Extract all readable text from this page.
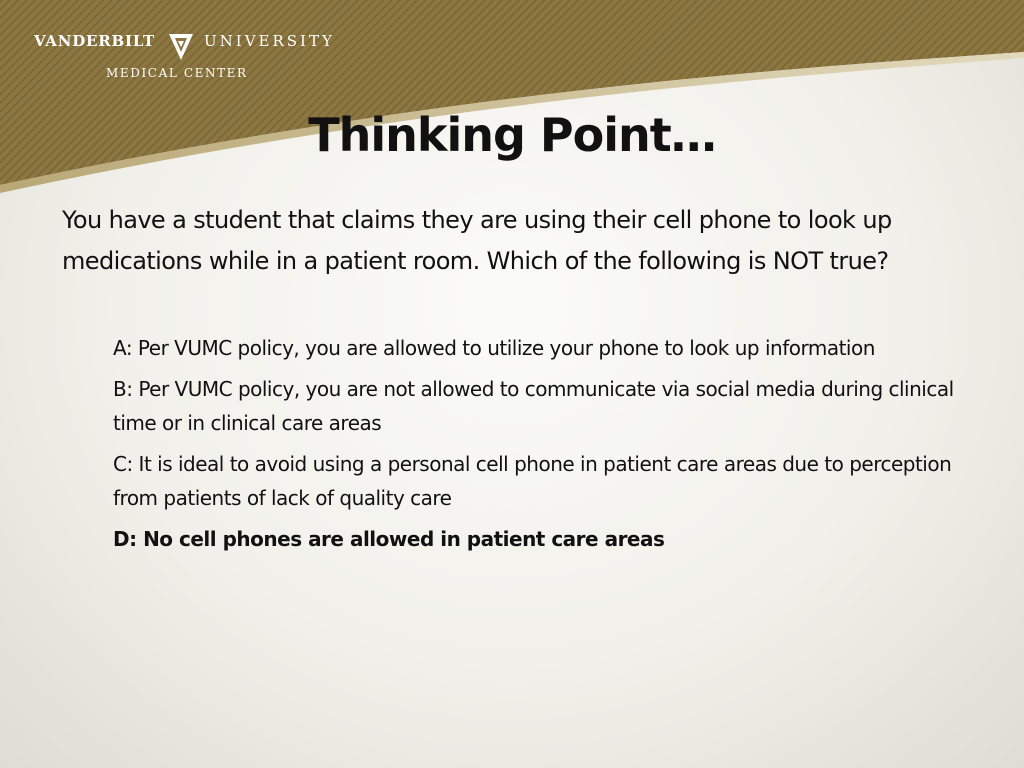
VANDERBILT	UNIVERSITY
MEDICAL CENTER
Thinking Point…

You have a student that claims they are using their cell phone to look up medications while in a patient room. Which of the following is NOT true?

A: Per VUMC policy, you are allowed to utilize your phone to look up information
B: Per VUMC policy, you are not allowed to communicate via social media during clinical time or in clinical care areas
C: It is ideal to avoid using a personal cell phone in patient care areas due to perception from patients of lack of quality care
D: No cell phones are allowed in patient care areas
